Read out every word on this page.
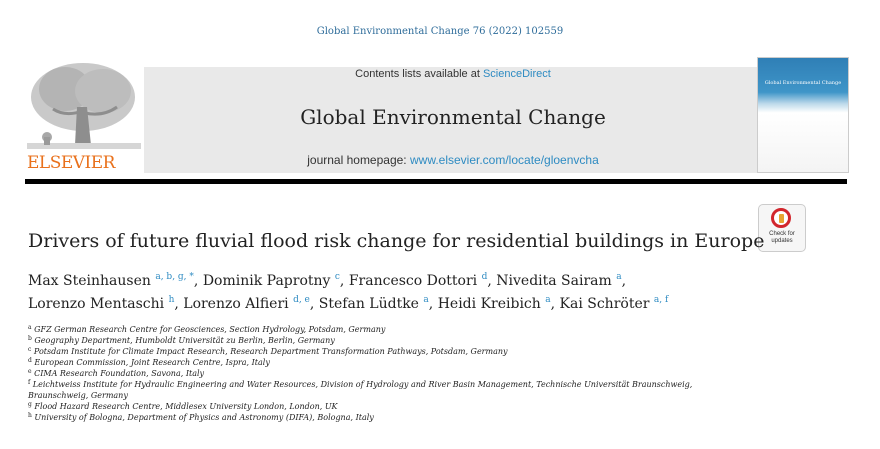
Global Environmental Change 76 (2022) 102559
ELSEVIER
Contents lists available at ScienceDirect
Global Environmental Change
journal homepage: www.elsevier.com/locate/gloenvcha
Global Environmental Change
Check for
updates
Drivers of future fluvial flood risk change for residential buildings in Europe
Max Steinhausen $^{a, b, g, *}$, Dominik Paprotny $^c$, Francesco Dottori $^d$, Nivedita Sairam $^a$,
Lorenzo Mentaschi $^h$, Lorenzo Alfieri $^{d, e}$, Stefan Lüdtke $^a$, Heidi Kreibich $^a$, Kai Schröter $^{a, f}$
$^a$ GFZ German Research Centre for Geosciences, Section Hydrology, Potsdam, Germany
$^b$ Geography Department, Humboldt Universität zu Berlin, Berlin, Germany
$^c$ Potsdam Institute for Climate Impact Research, Research Department Transformation Pathways, Potsdam, Germany
$^d$ European Commission, Joint Research Centre, Ispra, Italy
$^e$ CIMA Research Foundation, Savona, Italy
$^f$ Leichtweiss Institute for Hydraulic Engineering and Water Resources, Division of Hydrology and River Basin Management, Technische Universität Braunschweig,
Braunschweig, Germany
$^g$ Flood Hazard Research Centre, Middlesex University London, London, UK
$^h$ University of Bologna, Department of Physics and Astronomy (DIFA), Bologna, Italy
